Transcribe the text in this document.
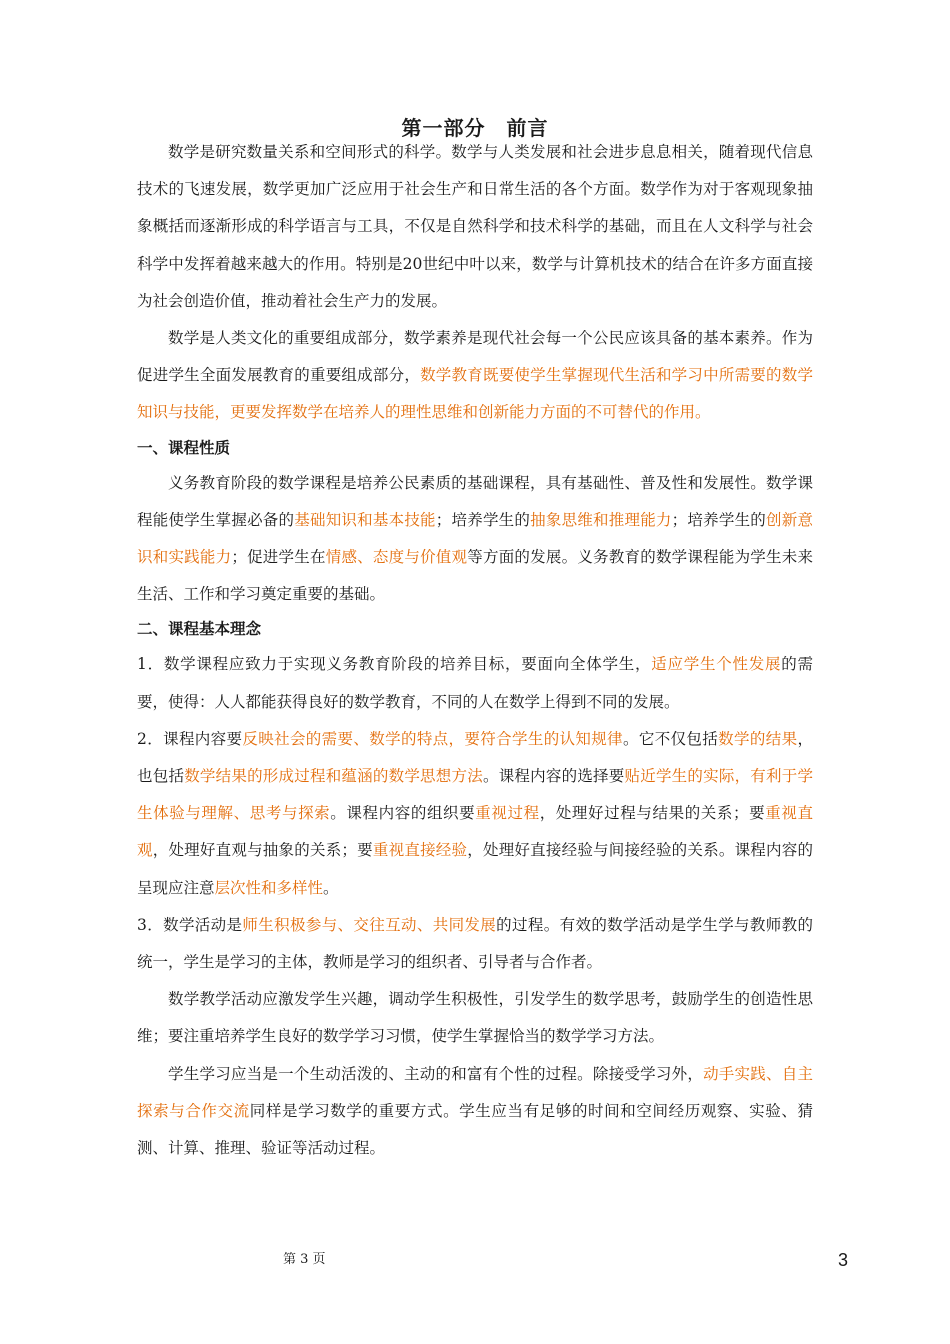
第一部分　前言

数学是研究数量关系和空间形式的科学。数学与人类发展和社会进步息息相关，随着现代信息技术的飞速发展，数学更加广泛应用于社会生产和日常生活的各个方面。数学作为对于客观现象抽象概括而逐渐形成的科学语言与工具，不仅是自然科学和技术科学的基础，而且在人文科学与社会科学中发挥着越来越大的作用。特别是20世纪中叶以来，数学与计算机技术的结合在许多方面直接为社会创造价值，推动着社会生产力的发展。

数学是人类文化的重要组成部分，数学素养是现代社会每一个公民应该具备的基本素养。作为促进学生全面发展教育的重要组成部分，数学教育既要使学生掌握现代生活和学习中所需要的数学知识与技能，更要发挥数学在培养人的理性思维和创新能力方面的不可替代的作用。

一、课程性质

义务教育阶段的数学课程是培养公民素质的基础课程，具有基础性、普及性和发展性。数学课程能使学生掌握必备的基础知识和基本技能；培养学生的抽象思维和推理能力；培养学生的创新意识和实践能力；促进学生在情感、态度与价值观等方面的发展。义务教育的数学课程能为学生未来生活、工作和学习奠定重要的基础。

二、课程基本理念

1．数学课程应致力于实现义务教育阶段的培养目标，要面向全体学生，适应学生个性发展的需要，使得：人人都能获得良好的数学教育，不同的人在数学上得到不同的发展。

2．课程内容要反映社会的需要、数学的特点，要符合学生的认知规律。它不仅包括数学的结果，也包括数学结果的形成过程和蕴涵的数学思想方法。课程内容的选择要贴近学生的实际，有利于学生体验与理解、思考与探索。课程内容的组织要重视过程，处理好过程与结果的关系；要重视直观，处理好直观与抽象的关系；要重视直接经验，处理好直接经验与间接经验的关系。课程内容的呈现应注意层次性和多样性。

3．数学活动是师生积极参与、交往互动、共同发展的过程。有效的数学活动是学生学与教师教的统一，学生是学习的主体，教师是学习的组织者、引导者与合作者。

数学教学活动应激发学生兴趣，调动学生积极性，引发学生的数学思考，鼓励学生的创造性思维；要注重培养学生良好的数学学习习惯，使学生掌握恰当的数学学习方法。

学生学习应当是一个生动活泼的、主动的和富有个性的过程。除接受学习外，动手实践、自主探索与合作交流同样是学习数学的重要方式。学生应当有足够的时间和空间经历观察、实验、猜测、计算、推理、验证等活动过程。

第 3 页	3
